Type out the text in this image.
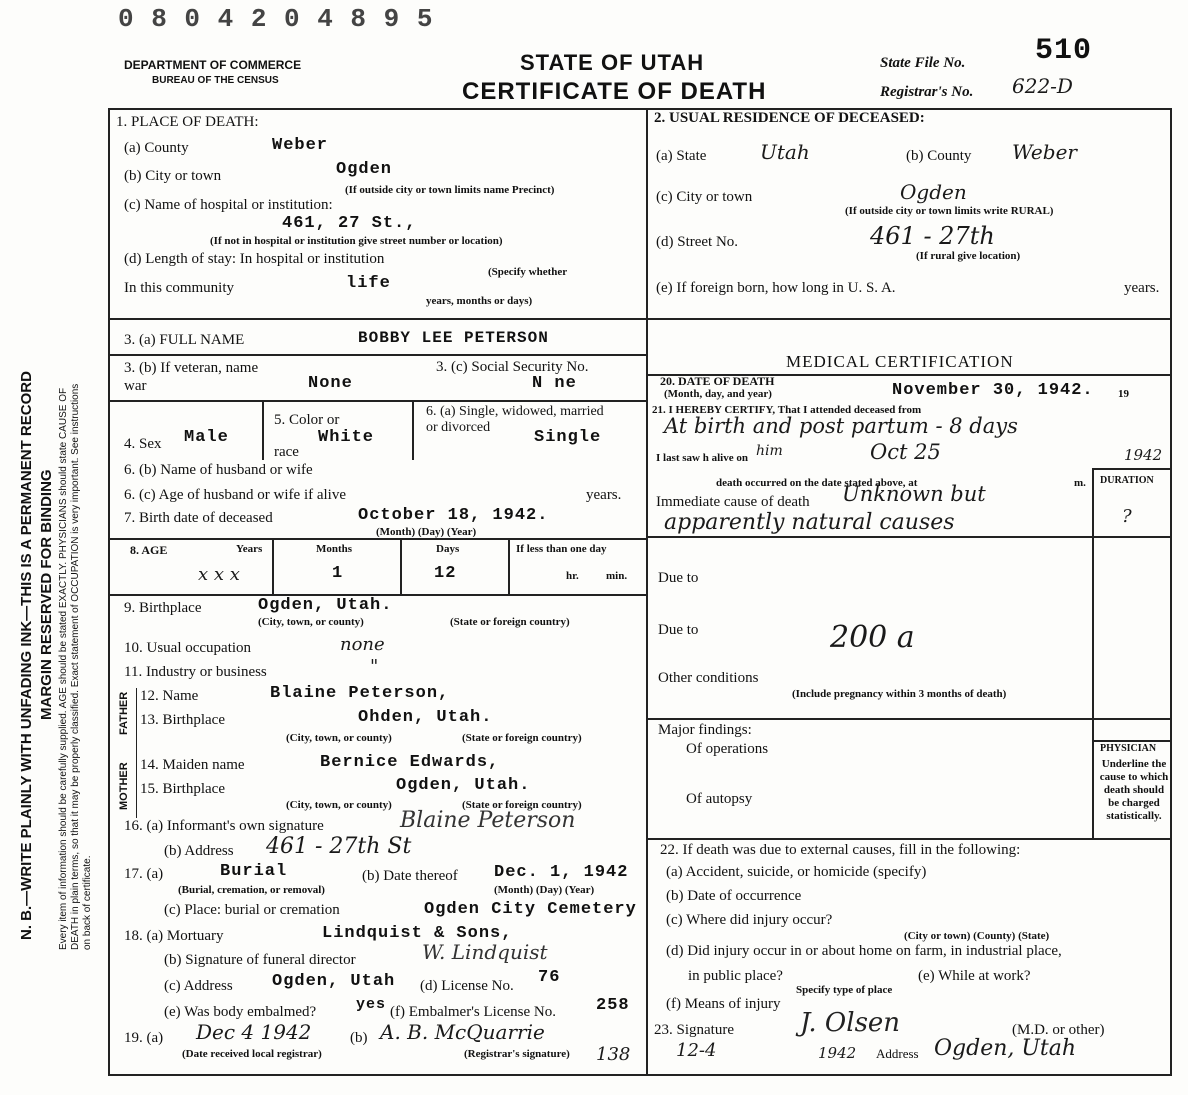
0 8 0 4 2 0 4 8 9 5
DEPARTMENT OF COMMERCE
BUREAU OF THE CENSUS
STATE OF UTAH
CERTIFICATE OF DEATH
State File No. 510
Registrar's No. 622-D
N. B.—WRITE PLAINLY WITH UNFADING INK—THIS IS A PERMANENT RECORD MARGIN RESERVED FOR BINDING Every item of information should be carefully supplied. AGE should be stated EXACTLY. PHYSICIANS should state CAUSE OF DEATH in plain terms, so that it may be properly classified. Exact statement of OCCUPATION is very important. See instructions on back of certificate.
1. PLACE OF DEATH:
(a) County	Weber
(b) City or town	Ogden
(If outside city or town limits name Precinct)
(c) Name of hospital or institution:
461, 27 St.,
(If not in hospital or institution give street number or location)
(d) Length of stay: In hospital or institution
(Specify whether
In this community	life
years, months or days)
2. USUAL RESIDENCE OF DECEASED:
(a) State	Utah	(b) County Weber
(c) City or town	Ogden
(If outside city or town limits write RURAL)
(d) Street No.	461 - 27th
(If rural give location)
(e) If foreign born, how long in U. S. A.	years.
3. (a) FULL NAME	BOBBY LEE PETERSON
3. (b) If veteran, name war	None
3. (c) Social Security No.
N ne
4. Sex Male
5. Color or race
White
6. (a) Single, widowed, married or divorced
Single
6. (b) Name of husband or wife
6. (c) Age of husband or wife if alive	years.
7. Birth date of deceased	October 18, 1942.
(Month) (Day) (Year)
8. AGE	Years	Months	Days	If less than one day
x x x	1	12	hr. min.
9. Birthplace	Ogden, Utah.
(City, town, or county)	(State or foreign country)
10. Usual occupation	none
11. Industry or business	"
FATHER
MOTHER
12. Name	Blaine Peterson,
13. Birthplace	Ohden, Utah.
(City, town, or county)	(State or foreign country)
14. Maiden name	Bernice Edwards,
15. Birthplace	Ogden, Utah.
(City, town, or county)	(State or foreign country)
16. (a) Informant's own signature	Blaine Peterson
(b) Address 461 - 27th St
17. (a)	Burial
(Burial, cremation, or removal)
(b) Date thereof Dec. 1, 1942
(Month) (Day) (Year)
(c) Place: burial or cremation	Ogden City Cemetery
18. (a) Mortuary	Lindquist & Sons,
(b) Signature of funeral director	W. Lindquist
(c) Address Ogden, Utah (d) License No. 76
(e) Was body embalmed?	yes (f) Embalmer's License No. 258
19. (a) Dec 4 1942
(Date received local registrar)
(b) A. B. McQuarrie
(Registrar's signature) 138
MEDICAL CERTIFICATION
20. DATE OF DEATH
(Month, day, and year)	November 30, 1942. 19
21. I HEREBY CERTIFY, That I attended deceased from
At birth and post partum - 8 days
I last saw h alive on him	Oct 25	1942
death occurred on the date stated above, at	m. DURATION
Immediate cause of death Unknown but
apparently natural causes	?
Due to
Due to	200 a
Other conditions
(Include pregnancy within 3 months of death)
Major findings:
Of operations
Of autopsy
PHYSICIAN
Underline the cause to which death should be charged statistically.
22. If death was due to external causes, fill in the following:
(a) Accident, suicide, or homicide (specify)
(b) Date of occurrence
(c) Where did injury occur?
(City or town) (County) (State)
(d) Did injury occur in or about home on farm, in industrial place,
in public place?	(e) While at work?
Specify type of place
(f) Means of injury
23. Signature	J. Olsen	(M.D. or other)
12-4	1942 Address Ogden, Utah
